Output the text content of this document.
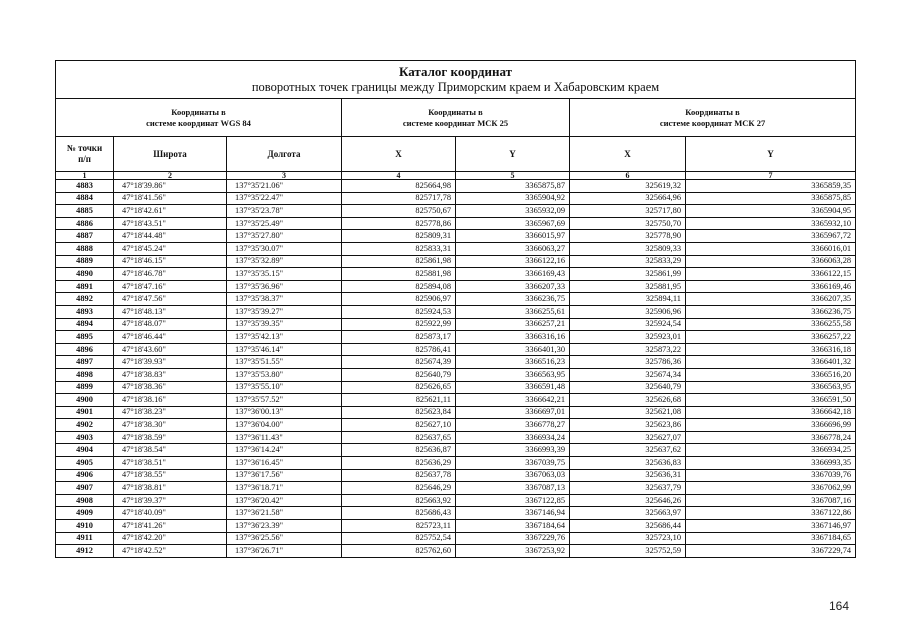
Каталог координат
поворотных точек границы между Приморским краем и Хабаровским краем						

Координаты в
системе координат WGS 84			Координаты в
системе координат МСК 25		Координаты в
системе координат МСК 27	

№ точки
п/п	Широта	Долгота	X	Y	X	Y
1	2	3	4	5	6	7
4883	47°18'39.86"	137°35'21.06"	825664,98	3365875,87	325619,32	3365859,35
4884	47°18'41.56"	137°35'22.47"	825717,78	3365904,92	325664,96	3365875,85
4885	47°18'42.61"	137°35'23.78"	825750,67	3365932,09	325717,80	3365904,95
4886	47°18'43.51"	137°35'25.49"	825778,86	3365967,69	325750,70	3365932,10
4887	47°18'44.48"	137°35'27.80"	825809,31	3366015,97	325778,90	3365967,72
4888	47°18'45.24"	137°35'30.07"	825833,31	3366063,27	325809,33	3366016,01
4889	47°18'46.15"	137°35'32.89"	825861,98	3366122,16	325833,29	3366063,28
4890	47°18'46.78"	137°35'35.15"	825881,98	3366169,43	325861,99	3366122,15
4891	47°18'47.16"	137°35'36.96"	825894,08	3366207,33	325881,95	3366169,46
4892	47°18'47.56"	137°35'38.37"	825906,97	3366236,75	325894,11	3366207,35
4893	47°18'48.13"	137°35'39.27"	825924,53	3366255,61	325906,96	3366236,75
4894	47°18'48.07"	137°35'39.35"	825922,99	3366257,21	325924,54	3366255,58
4895	47°18'46.44"	137°35'42.13"	825873,17	3366316,16	325923,01	3366257,22
4896	47°18'43.60"	137°35'46.14"	825786,41	3366401,30	325873,22	3366316,18
4897	47°18'39.93"	137°35'51.55"	825674,39	3366516,23	325786,36	3366401,32
4898	47°18'38.83"	137°35'53.80"	825640,79	3366563,95	325674,34	3366516,20
4899	47°18'38.36"	137°35'55.10"	825626,65	3366591,48	325640,79	3366563,95
4900	47°18'38.16"	137°35'57.52"	825621,11	3366642,21	325626,68	3366591,50
4901	47°18'38.23"	137°36'00.13"	825623,84	3366697,01	325621,08	3366642,18
4902	47°18'38.30"	137°36'04.00"	825627,10	3366778,27	325623,86	3366696,99
4903	47°18'38.59"	137°36'11.43"	825637,65	3366934,24	325627,07	3366778,24
4904	47°18'38.54"	137°36'14.24"	825636,87	3366993,39	325637,62	3366934,25
4905	47°18'38.51"	137°36'16.45"	825636,29	3367039,75	325636,83	3366993,35
4906	47°18'38.55"	137°36'17.56"	825637,78	3367063,03	325636,31	3367039,76
4907	47°18'38.81"	137°36'18.71"	825646,29	3367087,13	325637,79	3367062,99
4908	47°18'39.37"	137°36'20.42"	825663,92	3367122,85	325646,26	3367087,16
4909	47°18'40.09"	137°36'21.58"	825686,43	3367146,94	325663,97	3367122,86
4910	47°18'41.26"	137°36'23.39"	825723,11	3367184,64	325686,44	3367146,97
4911	47°18'42.20"	137°36'25.56"	825752,54	3367229,76	325723,10	3367184,65
4912	47°18'42.52"	137°36'26.71"	825762,60	3367253,92	325752,59	3367229,74
164
